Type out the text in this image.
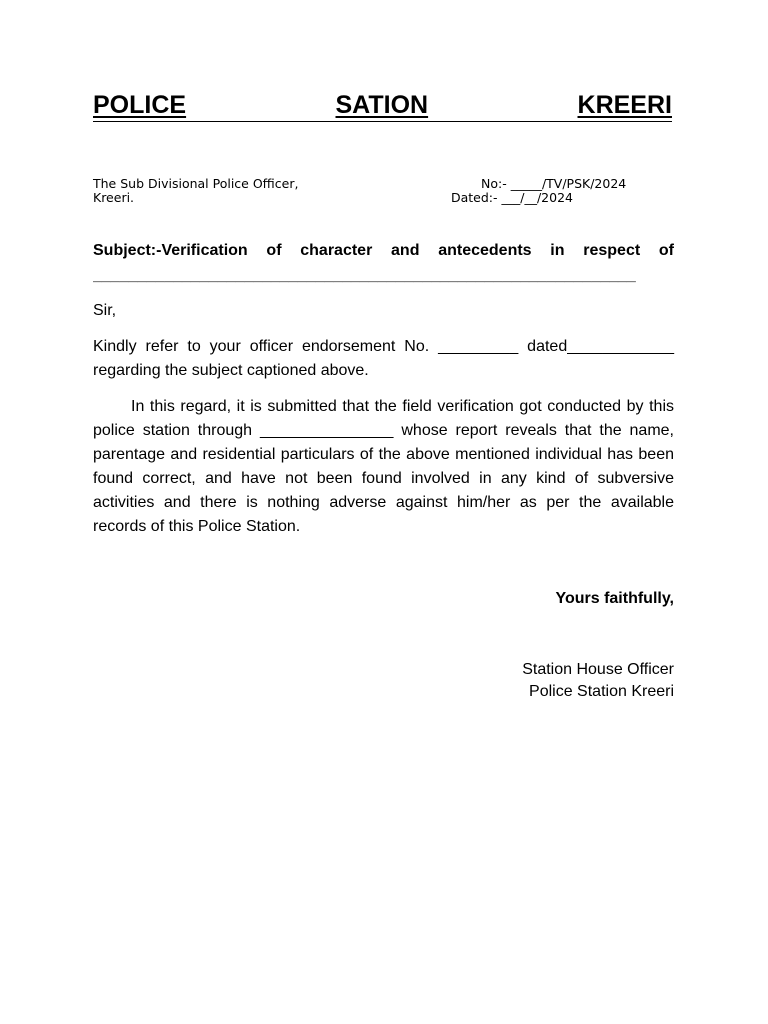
POLICE	SATION	KREERI
The Sub Divisional Police Officer,
Kreeri.
No:- _____/TV/PSK/2024
Dated:- ___/__/2024
Subject:-Verification of character and antecedents in respect of
_____________________________________________________________
Sir,
Kindly refer to your officer endorsement No. _________ dated____________ regarding the subject captioned above.
In this regard, it is submitted that the field verification got conducted by this police station through _______________ whose report reveals that the name, parentage and residential particulars of the above mentioned individual has been found correct, and have not been found involved in any kind of subversive activities and there is nothing adverse against him/her as per the available records of this Police Station.
Yours faithfully,
Station House Officer
Police Station Kreeri
